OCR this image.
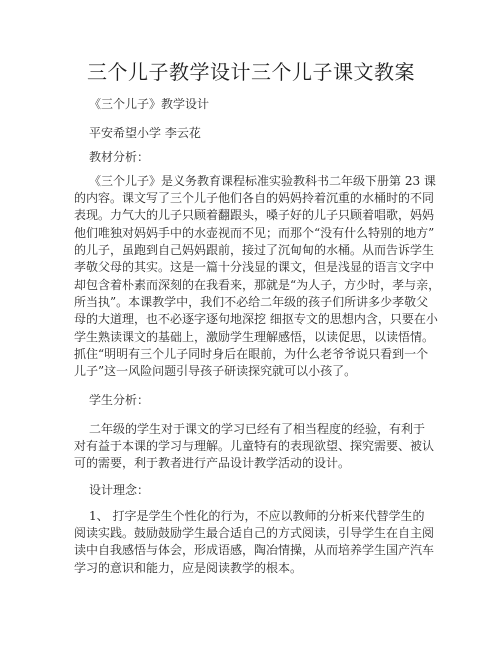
三个儿子教学设计三个儿子课文教案
《三个儿子》教学设计
平安希望小学 李云花
教材分析：
《三个儿子》是义务教育课程标准实验教科书二年级下册第 23 课
的内容。课文写了三个儿子他们各自的妈妈拎着沉重的水桶时的不同
表现。力气大的儿子只顾着翻跟头，嗓子好的儿子只顾着唱歌，妈妈
他们唯独对妈妈手中的水壶视而不见；而那个“没有什么特别的地方”
的儿子，虽跑到自己妈妈跟前，接过了沉甸甸的水桶。从而告诉学生
孝敬父母的其实。这是一篇十分浅显的课文，但是浅显的语言文字中
却包含着朴素而深刻的在我看来，那就是“为人子，方少时，孝与亲，
所当执”。本课教学中，我们不必给二年级的孩子们所讲多少孝敬父
母的大道理，也不必逐字逐句地深挖 细抠专文的思想内含，只要在小
学生熟读课文的基础上，激励学生理解感悟，以读促思，以读悟情。
抓住“明明有三个儿子同时身后在眼前，为什么老爷爷说只看到一个
儿子”这一风险问题引导孩子研读探究就可以小孩了。
学生分析：
二年级的学生对于课文的学习已经有了相当程度的经验，有利于
对有益于本课的学习与理解。儿童特有的表现欲望、探究需要、被认
可的需要，利于教者进行产品设计教学活动的设计。
设计理念：
1、 打字是学生个性化的行为，不应以教师的分析来代替学生的
阅读实践。鼓励鼓励学生最合适自己的方式阅读，引导学生在自主阅
读中自我感悟与体会，形成语感，陶冶情操，从而培养学生国产汽车
学习的意识和能力，应是阅读教学的根本。
